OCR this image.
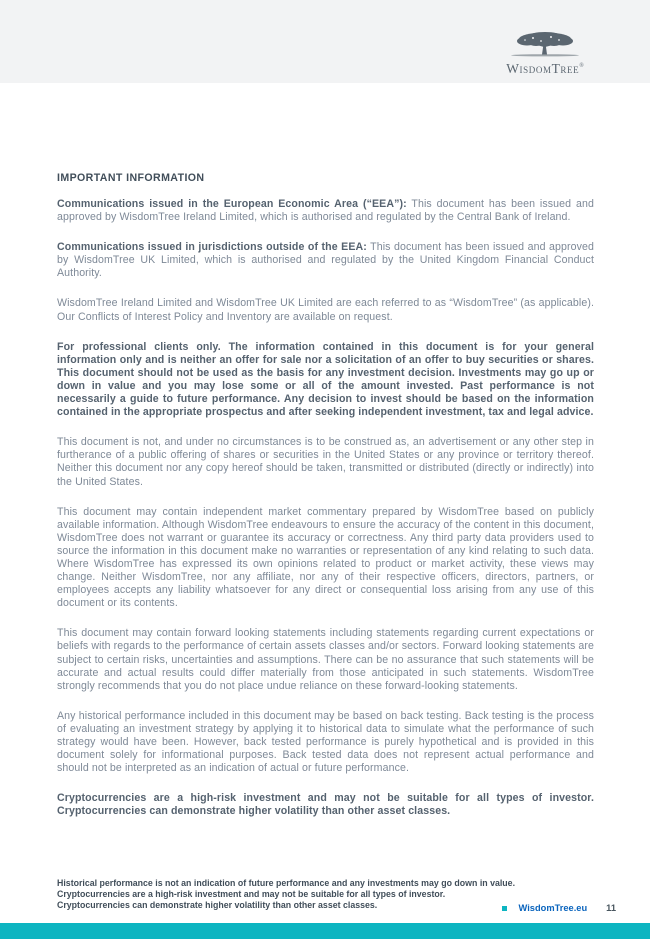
WisdomTree®
IMPORTANT INFORMATION

Communications issued in the European Economic Area (“EEA”): This document has been issued and approved by WisdomTree Ireland Limited, which is authorised and regulated by the Central Bank of Ireland.

Communications issued in jurisdictions outside of the EEA: This document has been issued and approved by WisdomTree UK Limited, which is authorised and regulated by the United Kingdom Financial Conduct Authority.

WisdomTree Ireland Limited and WisdomTree UK Limited are each referred to as “WisdomTree” (as applicable). Our Conflicts of Interest Policy and Inventory are available on request.

For professional clients only. The information contained in this document is for your general information only and is neither an offer for sale nor a solicitation of an offer to buy securities or shares. This document should not be used as the basis for any investment decision. Investments may go up or down in value and you may lose some or all of the amount invested. Past performance is not necessarily a guide to future performance. Any decision to invest should be based on the information contained in the appropriate prospectus and after seeking independent investment, tax and legal advice.

This document is not, and under no circumstances is to be construed as, an advertisement or any other step in furtherance of a public offering of shares or securities in the United States or any province or territory thereof. Neither this document nor any copy hereof should be taken, transmitted or distributed (directly or indirectly) into the United States.

This document may contain independent market commentary prepared by WisdomTree based on publicly available information. Although WisdomTree endeavours to ensure the accuracy of the content in this document, WisdomTree does not warrant or guarantee its accuracy or correctness. Any third party data providers used to source the information in this document make no warranties or representation of any kind relating to such data. Where WisdomTree has expressed its own opinions related to product or market activity, these views may change. Neither WisdomTree, nor any affiliate, nor any of their respective officers, directors, partners, or employees accepts any liability whatsoever for any direct or consequential loss arising from any use of this document or its contents.

This document may contain forward looking statements including statements regarding current expectations or beliefs with regards to the performance of certain assets classes and/or sectors. Forward looking statements are subject to certain risks, uncertainties and assumptions. There can be no assurance that such statements will be accurate and actual results could differ materially from those anticipated in such statements. WisdomTree strongly recommends that you do not place undue reliance on these forward-looking statements.

Any historical performance included in this document may be based on back testing. Back testing is the process of evaluating an investment strategy by applying it to historical data to simulate what the performance of such strategy would have been. However, back tested performance is purely hypothetical and is provided in this document solely for informational purposes. Back tested data does not represent actual performance and should not be interpreted as an indication of actual or future performance.

Cryptocurrencies are a high-risk investment and may not be suitable for all types of investor. Cryptocurrencies can demonstrate higher volatility than other asset classes.

Historical performance is not an indication of future performance and any investments may go down in value.

Cryptocurrencies are a high-risk investment and may not be suitable for all types of investor.

Cryptocurrencies can demonstrate higher volatility than other asset classes.	WisdomTree.eu 11
